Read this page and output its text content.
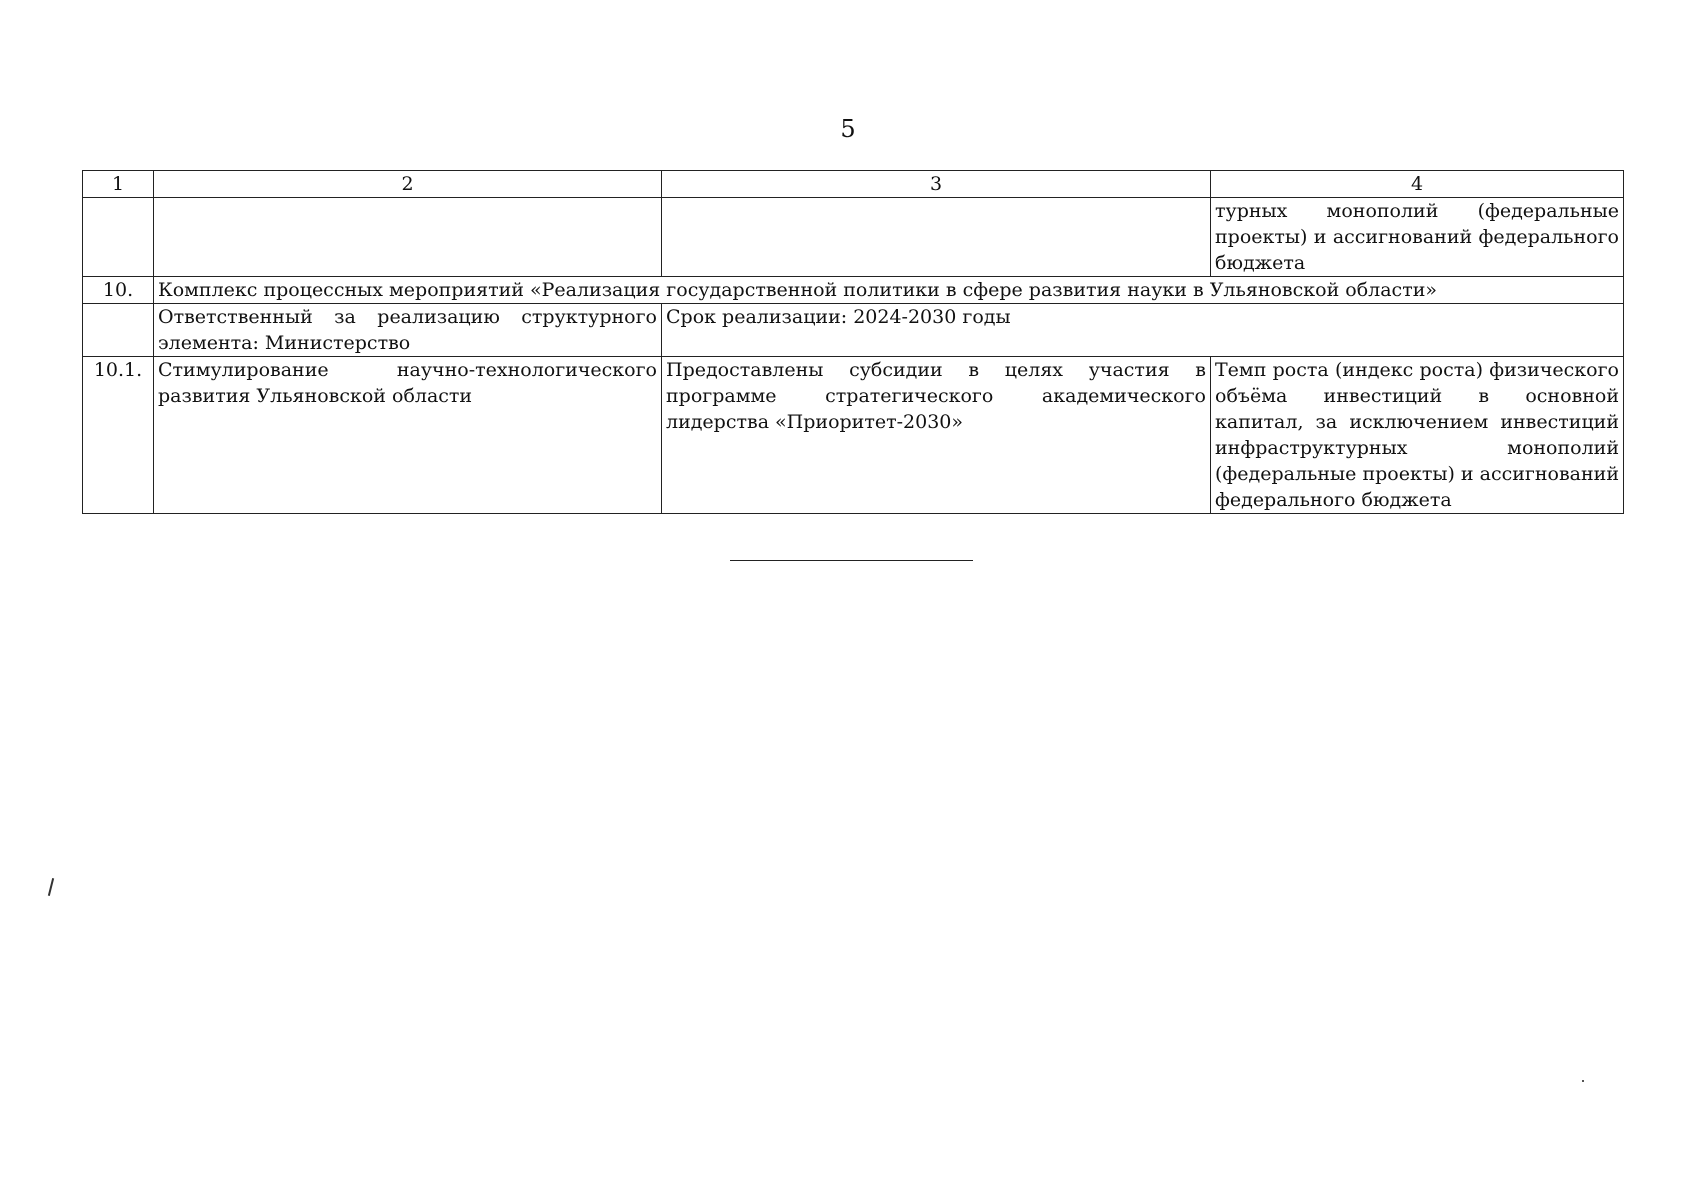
5
1	2	3	4
			турных монополий (федеральные проекты) и ассигнований федерального бюджета
10.	Комплекс процессных мероприятий «Реализация государственной политики в сфере развития науки в Ульяновской области»		
	Ответственный за реализацию структурного элемента: Министерство	Срок реализации: 2024-2030 годы	
10.1.	Стимулирование научно-технологического развития Ульяновской области	Предоставлены субсидии в целях участия в программе стратегического академического лидерства «Приоритет-2030»	Темп роста (индекс роста) физического объёма инвестиций в основной капитал, за исключением инвестиций инфраструктурных монополий (федеральные проекты) и ассигнований федерального бюджета
